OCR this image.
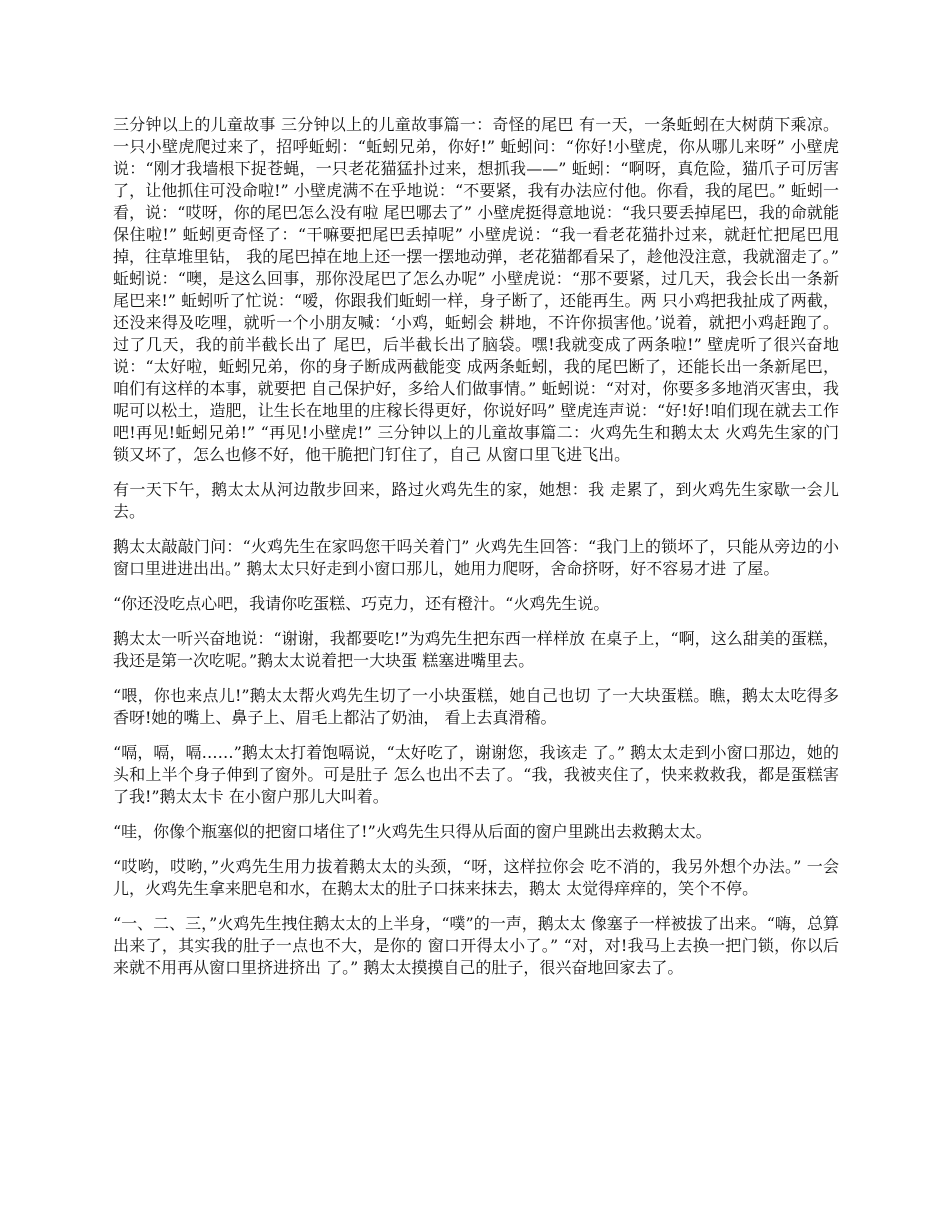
三分钟以上的儿童故事 三分钟以上的儿童故事篇一：奇怪的尾巴 有一天，一条蚯蚓在大树荫下乘凉。一只小壁虎爬过来了，招呼蚯蚓：“蚯蚓兄弟，你好!” 蚯蚓问：“你好!小壁虎，你从哪儿来呀” 小壁虎说：“刚才我墙根下捉苍蝇，一只老花猫猛扑过来，想抓我——” 蚯蚓：“啊呀，真危险，猫爪子可厉害了，让他抓住可没命啦!” 小壁虎满不在乎地说：“不要紧，我有办法应付他。你看，我的尾巴。” 蚯蚓一看，说：“哎呀，你的尾巴怎么没有啦 尾巴哪去了” 小壁虎挺得意地说：“我只要丢掉尾巴，我的命就能保住啦!” 蚯蚓更奇怪了：“干嘛要把尾巴丢掉呢” 小壁虎说：“我一看老花猫扑过来，就赶忙把尾巴甩掉，往草堆里钻， 我的尾巴掉在地上还一摆一摆地动弹，老花猫都看呆了，趁他没注意，我就溜走了。” 蚯蚓说：“噢，是这么回事，那你没尾巴了怎么办呢” 小壁虎说：“那不要紧，过几天，我会长出一条新尾巴来!” 蚯蚓听了忙说：“嗳，你跟我们蚯蚓一样，身子断了，还能再生。两 只小鸡把我扯成了两截，还没来得及吃哩，就听一个小朋友喊：‘小鸡，蚯蚓会 耕地，不许你损害他。’说着，就把小鸡赶跑了。过了几天，我的前半截长出了 尾巴，后半截长出了脑袋。嘿!我就变成了两条啦!” 壁虎听了很兴奋地说：“太好啦，蚯蚓兄弟，你的身子断成两截能变 成两条蚯蚓，我的尾巴断了，还能长出一条新尾巴，咱们有这样的本事，就要把 自己保护好，多给人们做事情。” 蚯蚓说：“对对，你要多多地消灭害虫，我呢可以松土，造肥，让生长在地里的庄稼长得更好，你说好吗” 壁虎连声说：“好!好!咱们现在就去工作吧!再见!蚯蚓兄弟!” “再见!小壁虎!” 三分钟以上的儿童故事篇二：火鸡先生和鹅太太 火鸡先生家的门锁又坏了，怎么也修不好，他干脆把门钉住了，自己 从窗口里飞进飞出。

有一天下午，鹅太太从河边散步回来，路过火鸡先生的家，她想：我 走累了，到火鸡先生家歇一会儿去。

鹅太太敲敲门问：“火鸡先生在家吗您干吗关着门” 火鸡先生回答：“我门上的锁坏了，只能从旁边的小窗口里进进出出。” 鹅太太只好走到小窗口那儿，她用力爬呀，舍命挤呀，好不容易才进 了屋。

“你还没吃点心吧，我请你吃蛋糕、巧克力，还有橙汁。“火鸡先生说。

鹅太太一听兴奋地说：“谢谢，我都要吃!”为鸡先生把东西一样样放 在桌子上，“啊，这么甜美的蛋糕，我还是第一次吃呢。”鹅太太说着把一大块蛋 糕塞进嘴里去。

“喂，你也来点儿!”鹅太太帮火鸡先生切了一小块蛋糕，她自己也切 了一大块蛋糕。瞧，鹅太太吃得多香呀!她的嘴上、鼻子上、眉毛上都沾了奶油， 看上去真滑稽。

“嗝，嗝，嗝……”鹅太太打着饱嗝说，“太好吃了，谢谢您，我该走 了。” 鹅太太走到小窗口那边，她的头和上半个身子伸到了窗外。可是肚子 怎么也出不去了。“我，我被夹住了，快来救救我，都是蛋糕害了我!”鹅太太卡 在小窗户那儿大叫着。

“哇，你像个瓶塞似的把窗口堵住了!”火鸡先生只得从后面的窗户里跳出去救鹅太太。

“哎哟，哎哟，”火鸡先生用力拔着鹅太太的头颈，“呀，这样拉你会 吃不消的，我另外想个办法。” 一会儿，火鸡先生拿来肥皂和水，在鹅太太的肚子口抹来抹去，鹅太 太觉得痒痒的，笑个不停。

“一、二、三，”火鸡先生拽住鹅太太的上半身，“噗”的一声，鹅太太 像塞子一样被拔了出来。“嗨，总算出来了，其实我的肚子一点也不大，是你的 窗口开得太小了。” “对，对!我马上去换一把门锁，你以后来就不用再从窗口里挤进挤出 了。” 鹅太太摸摸自己的肚子，很兴奋地回家去了。
